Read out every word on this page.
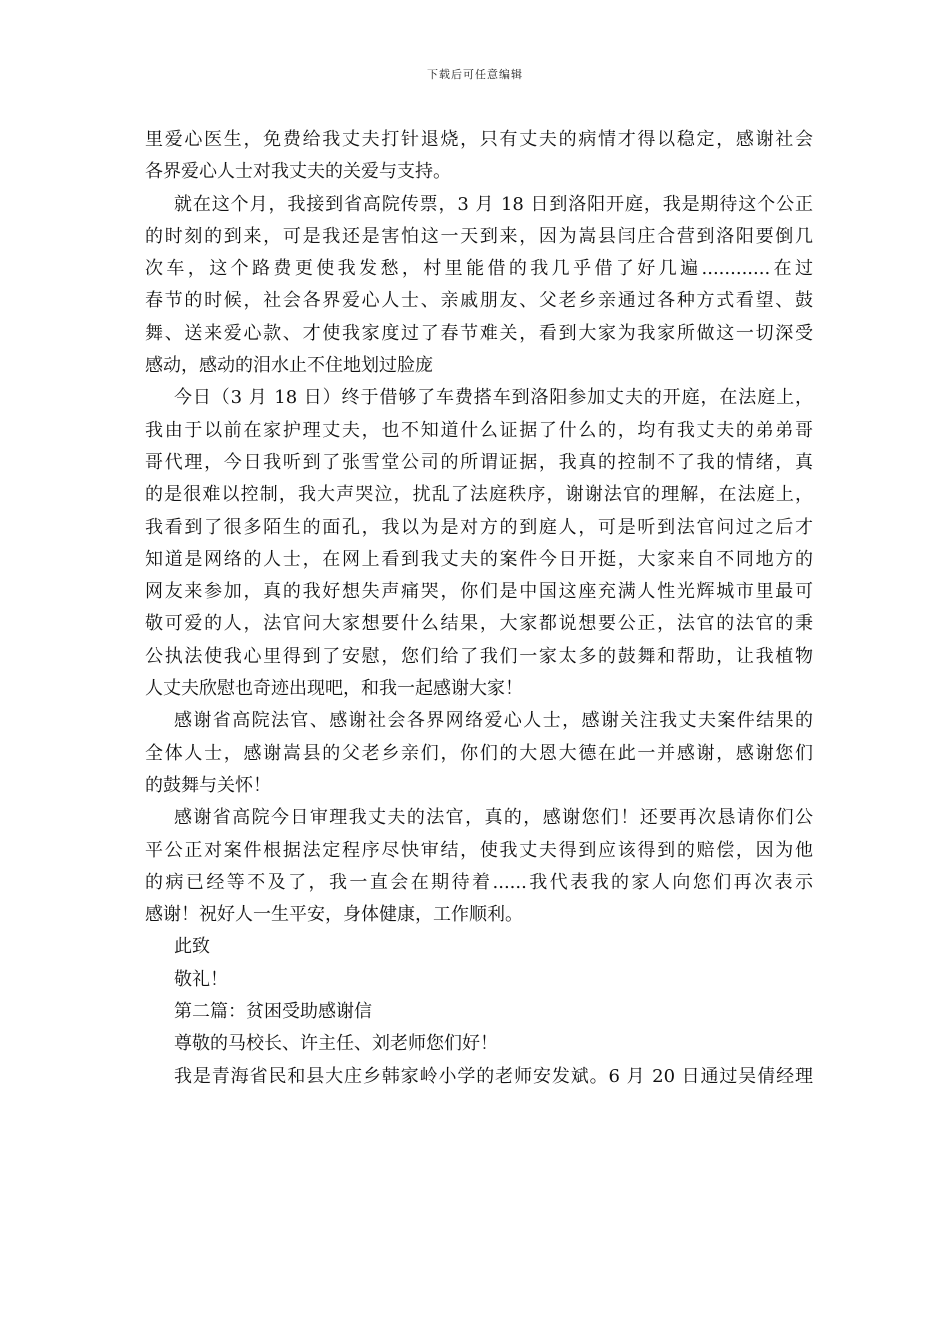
下载后可任意编辑

里爱心医生，免费给我丈夫打针退烧，只有丈夫的病情才得以稳定，感谢社会
各界爱心人士对我丈夫的关爱与支持。

就在这个月，我接到省高院传票，3 月 18 日到洛阳开庭，我是期待这个公正
的时刻的到来，可是我还是害怕这一天到来，因为嵩县闫庄合营到洛阳要倒几
次车，这个路费更使我发愁，村里能借的我几乎借了好几遍............在过
春节的时候，社会各界爱心人士、亲戚朋友、父老乡亲通过各种方式看望、鼓
舞、送来爱心款、才使我家度过了春节难关，看到大家为我家所做这一切深受
感动，感动的泪水止不住地划过脸庞

今日（3 月 18 日）终于借够了车费搭车到洛阳参加丈夫的开庭，在法庭上，
我由于以前在家护理丈夫，也不知道什么证据了什么的，均有我丈夫的弟弟哥
哥代理，今日我听到了张雪堂公司的所谓证据，我真的控制不了我的情绪，真
的是很难以控制，我大声哭泣，扰乱了法庭秩序，谢谢法官的理解，在法庭上，
我看到了很多陌生的面孔，我以为是对方的到庭人，可是听到法官问过之后才
知道是网络的人士，在网上看到我丈夫的案件今日开挺，大家来自不同地方的
网友来参加，真的我好想失声痛哭，你们是中国这座充满人性光辉城市里最可
敬可爱的人，法官问大家想要什么结果，大家都说想要公正，法官的法官的秉
公执法使我心里得到了安慰，您们给了我们一家太多的鼓舞和帮助，让我植物
人丈夫欣慰也奇迹出现吧，和我一起感谢大家！

感谢省高院法官、感谢社会各界网络爱心人士，感谢关注我丈夫案件结果的
全体人士，感谢嵩县的父老乡亲们，你们的大恩大德在此一并感谢，感谢您们
的鼓舞与关怀！

感谢省高院今日审理我丈夫的法官，真的，感谢您们！还要再次恳请你们公
平公正对案件根据法定程序尽快审结，使我丈夫得到应该得到的赔偿，因为他
的病已经等不及了，我一直会在期待着......我代表我的家人向您们再次表示
感谢！祝好人一生平安，身体健康，工作顺利。

此致
敬礼！
第二篇：贫困受助感谢信
尊敬的马校长、许主任、刘老师您们好！
我是青海省民和县大庄乡韩家岭小学的老师安发斌。6 月 20 日通过吴倩经理
